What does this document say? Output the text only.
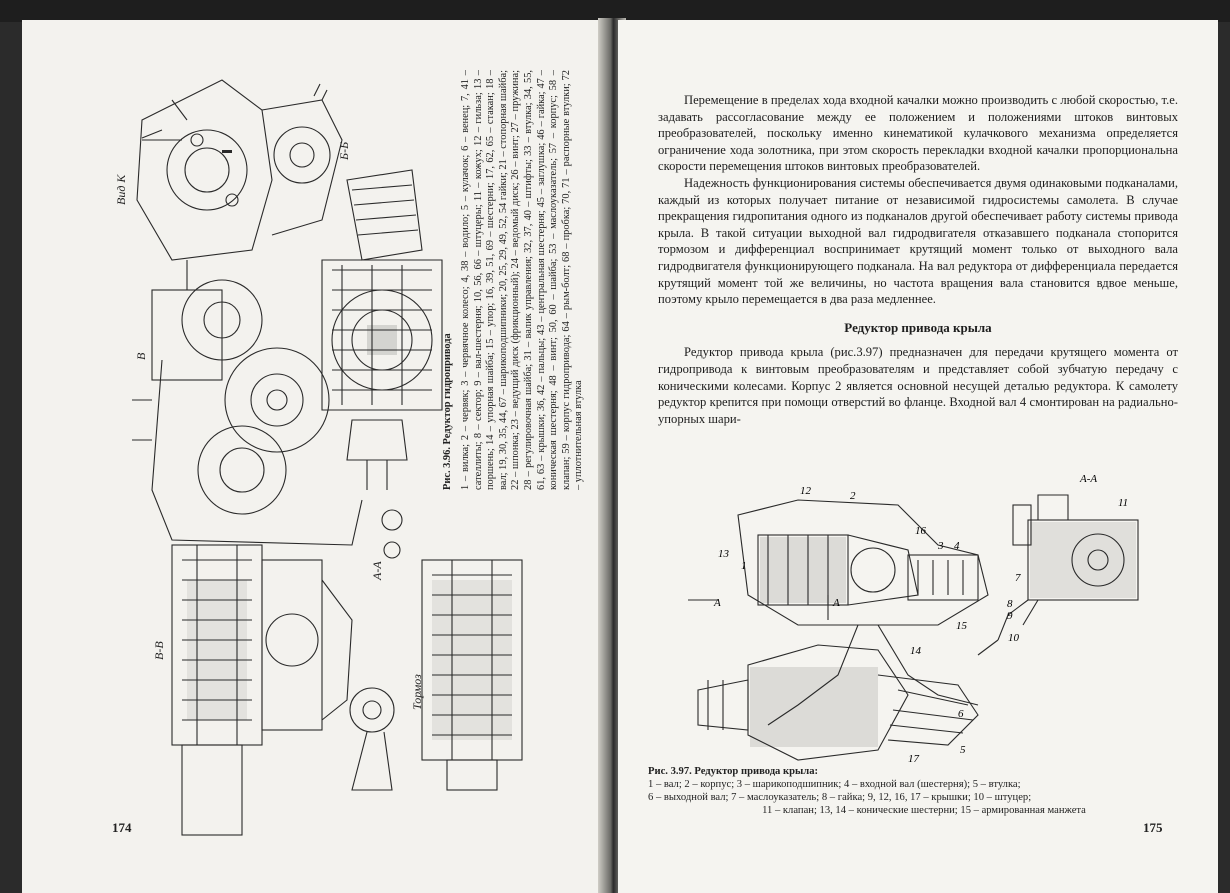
Вид К
Б-Б
В
В-В
А-А
Тормоз
Рис. 3.96. Редуктор гидропривода 1 – вилка; 2 – червяк; 3 – червячное колесо; 4, 38 – водило; 5 – кулачок; 6 – венец; 7, 41 – сателлиты; 8 – сектор; 9 – вал-шестерня; 10, 56, 66 – штуцеры; 11 – кожух; 12 – гильза; 13 – поршень; 14 – упорная шайба; 15 – упор; 16, 39, 51, 69 – шестерни; 17, 62, 65 – стакан; 18 – вал; 19, 30, 35, 44, 67 – шарикоподшипники; 20, 25, 29, 49, 52, 54 гайки; 21 – стопорная шайба; 22 – шпонка; 23 – ведущий диск (фрикционный); 24 – ведомый диск; 26 – винт; 27 – пружина; 28 – регулировочная шайба; 31 – валик управления; 32, 37, 40 – штифты; 33 – втулка; 34, 55, 61, 63 – крышки; 36, 42 – пальцы; 43 – центральная шестерня; 45 – заглушка; 46 – гайка; 47 – коническая шестерня; 48 – винт; 50, 60 – шайба; 53 – маслоуказатель; 57 – корпус; 58 – клапан; 59 – корпус гидропривода; 64 – рым-болт; 68 – пробка; 70, 71 – распорные втулки; 72 – уплотнительная втулка
174

Перемещение в пределах хода входной качалки можно производить с любой скоростью, т.е. задавать рассогласование между ее положением и положениями штоков винтовых преобразователей, поскольку именно кинематикой кулачкового механизма определяется ограничение хода золотника, при этом скорость перекладки входной качалки пропорциональна скорости перемещения штоков винтовых преобразователей.

Надежность функционирования системы обеспечивается двумя одинаковыми подканалами, каждый из которых получает питание от независимой гидросистемы самолета. В случае прекращения гидропитания одного из подканалов другой обеспечивает работу системы привода крыла. В такой ситуации выходной вал гидродвигателя отказавшего подканала стопорится тормозом и дифференциал воспринимает крутящий момент только от выходного вала гидродвигателя функционирующего подканала. На вал редуктора от дифференциала передается крутящий момент той же величины, но частота вращения вала становится вдвое меньше, поэтому крыло перемещается в два раза медленнее.

Редуктор привода крыла

Редуктор привода крыла (рис.3.97) предназначен для передачи крутящего момента от гидропривода к винтовым преобразователям и представляет собой зубчатую передачу с коническими колесами. Корпус 2 является основной несущей деталью редуктора. К самолету редуктор крепится при помощи отверстий во фланце. Входной вал 4 смонтирован на радиально-упорных шари-

12	2
16
3 4
13
1
А	А
15
14
6
5
17
А-А
11
7
8
9
10
Рис. 3.97. Редуктор привода крыла:
1 – вал; 2 – корпус; 3 – шарикоподшипник; 4 – входной вал (шестерня); 5 – втулка;
6 – выходной вал; 7 – маслоуказатель; 8 – гайка; 9, 12, 16, 17 – крышки; 10 – штуцер;
11 – клапан; 13, 14 – конические шестерни; 15 – армированная манжета
175
